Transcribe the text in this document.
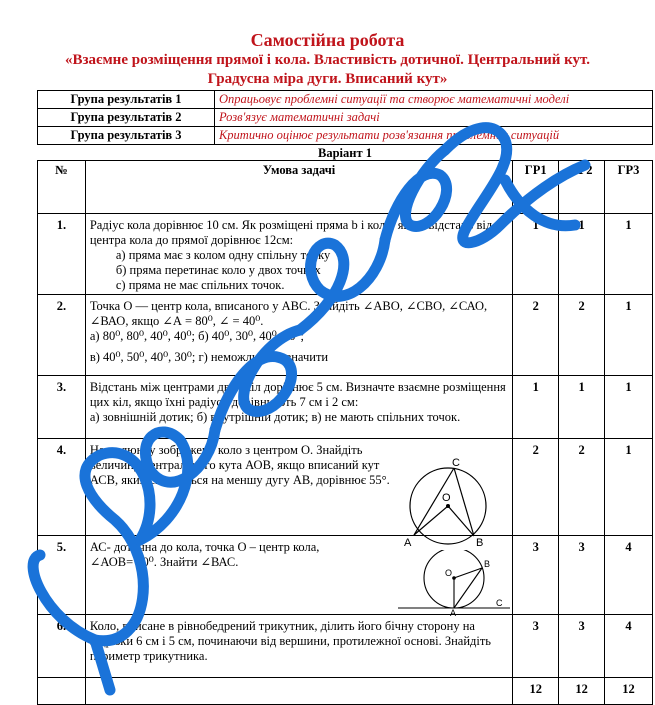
Самостійна робота
«Взаємне розміщення прямої і кола. Властивість дотичної. Центральний кут. Градусна міра дуги. Вписаний кут»
Група результатів 1	Опрацьовує проблемні ситуації та створює математичні моделі
Група результатів 2	Розв'язує математичні задачі
Група результатів 3	Критично оцінює результати розв'язання проблемних ситуацій
Варіант 1				
№	Умова задачі	ГР1	ГР2	ГР3
1.	Радіус кола дорівнює 10 см. Як розміщені пряма b і коло, якщо відстань від центра кола до прямої дорівнює 12см:
а) пряма має з колом одну спільну точку
б) пряма перетинає коло у двох точках
с) пряма не має спільних точок.	1	1	1
2.	Точка О — центр кола, вписаного у ABC. Знайдіть ∠АВО, ∠СВО, ∠САО, ∠ВАО, якщо ∠А = 80⁰, ∠ = 40⁰.
а) 80⁰, 80⁰, 40⁰, 40⁰; б) 40⁰, 30⁰, 40⁰, 30⁰;
в) 40⁰, 50⁰, 40⁰, 30⁰; г) неможливо визначити	2	2	1
3.	Відстань між центрами двох кіл дорівнює 5 см. Визначте взаємне розміщення цих кіл, якщо їхні радіуси дорівнюють 7 см і 2 см:
а) зовнішній дотик; б) внутрішній дотик; в) не мають спільних точок.	1	1	1
4.	На малюнку зображено коло з центром О. Знайдіть величину центрального кута АОВ, якщо вписаний кут АСВ, який спирається на меншу дугу АВ, дорівнює 55°.	2	2	1
5.	АС- дотична до кола, точка О – центр кола, ∠АОВ= 40⁰. Знайти ∠ВАС.	3	3	4
6.	Коло, вписане в рівнобедрений трикутник, ділить його бічну сторону на відрізки 6 см і 5 см, починаючи від вершини, протилежної основі. Знайдіть периметр трикутника.	3	3	4
		12	12	12
C
O
A	B
B
O
A
C
